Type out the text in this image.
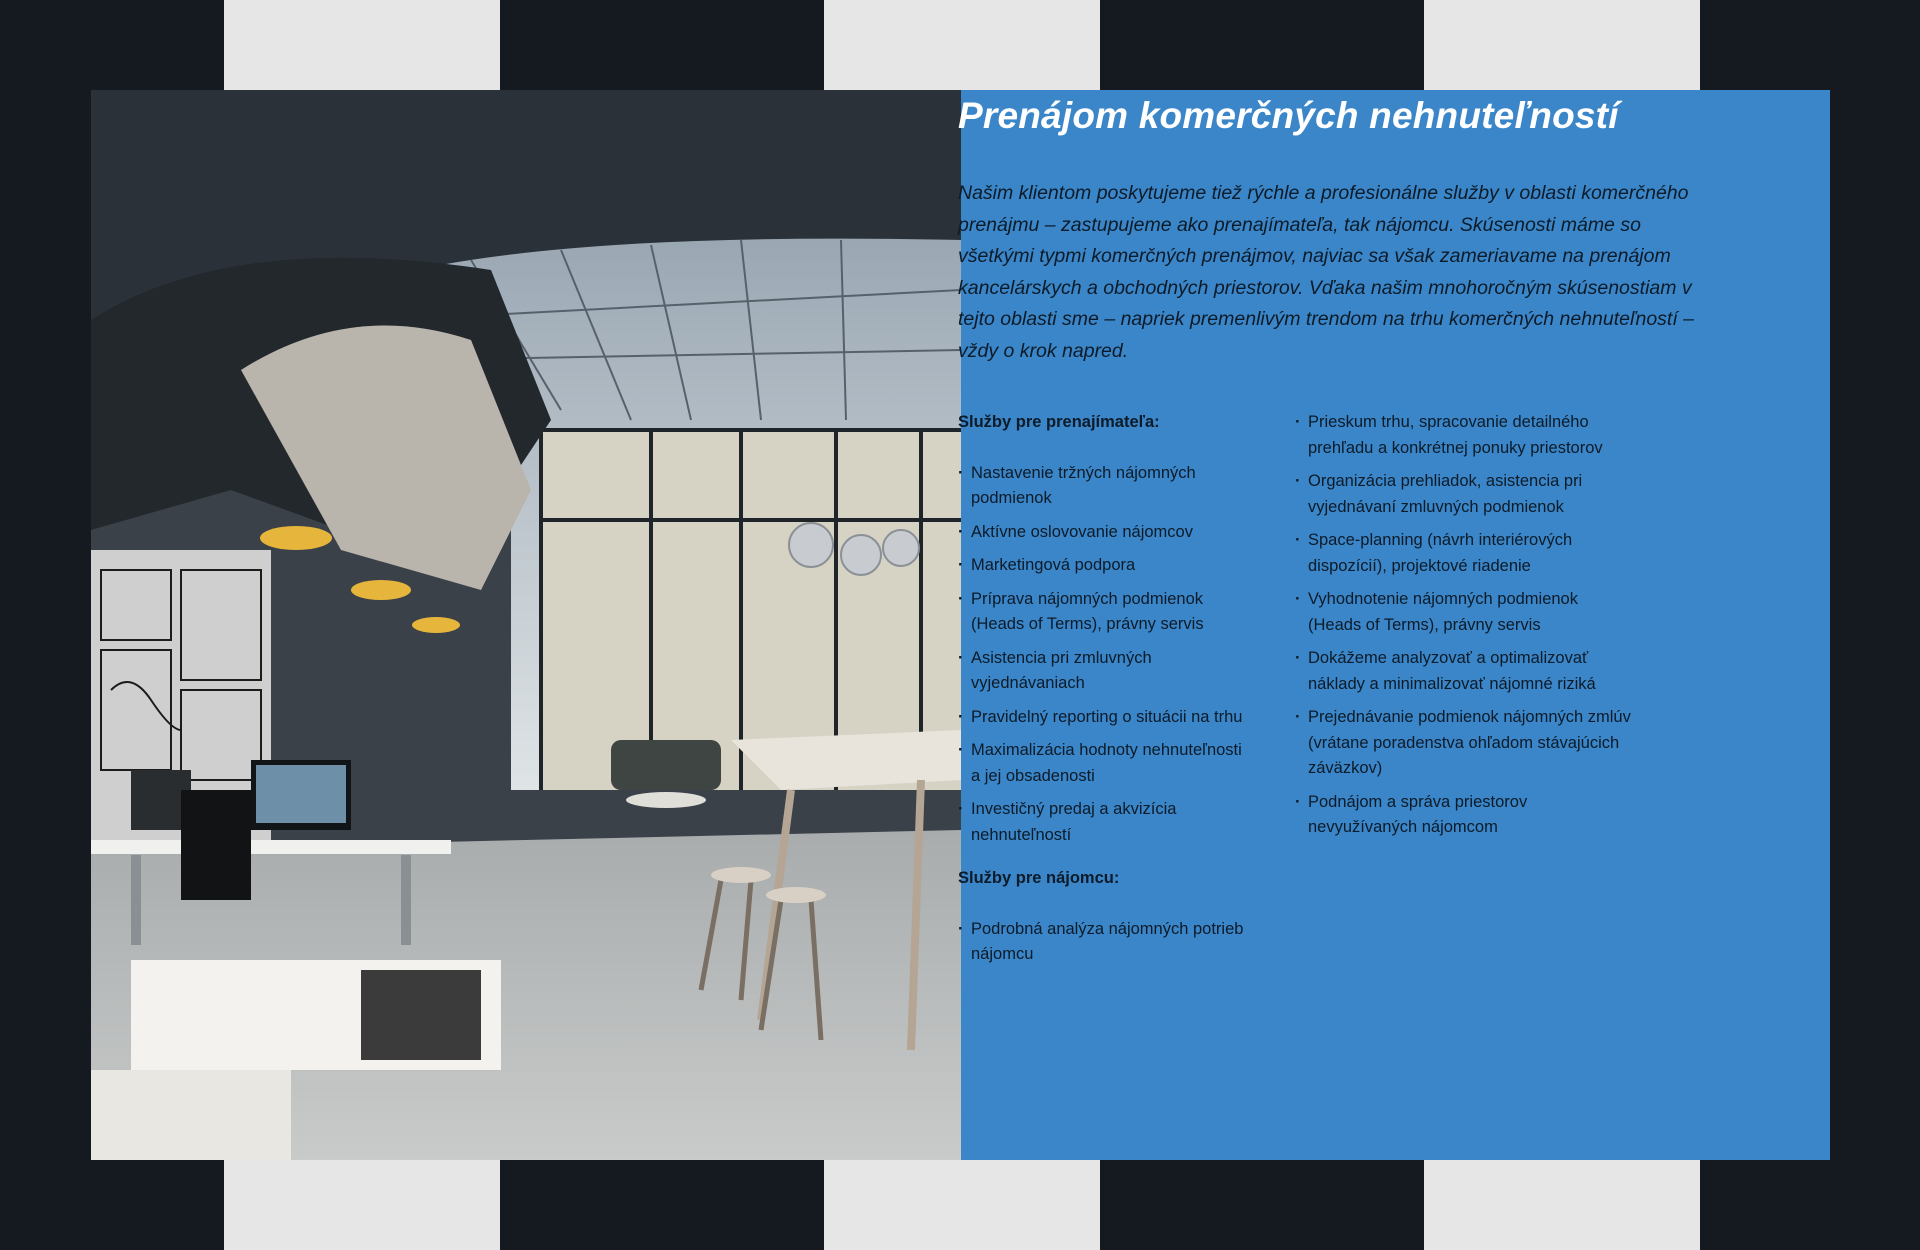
Prenájom komerčných nehnuteľností

Našim klientom poskytujeme tiež rýchle a profesionálne služby v oblasti komerčného prenájmu – zastupujeme ako prenajímateľa, tak nájomcu. Skúsenosti máme so všetkými typmi komerčných prenájmov, najviac sa však zameriavame na prenájom kancelárskych a obchodných priestorov. Vďaka našim mnohoročným skúsenostiam v tejto oblasti sme – napriek premenlivým trendom na trhu komerčných nehnuteľností – vždy o krok napred.

Služby pre prenajímateľa:
· Nastavenie tržných nájomných podmienok
· Aktívne oslovovanie nájomcov
· Marketingová podpora
· Príprava nájomných podmienok (Heads of Terms), právny servis
· Asistencia pri zmluvných vyjednávaniach
· Pravidelný reporting o situácii na trhu
· Maximalizácia hodnoty nehnuteľnosti a jej obsadenosti
· Investičný predaj a akvizícia nehnuteľností
Služby pre nájomcu:
· Podrobná analýza nájomných potrieb nájomcu
· Prieskum trhu, spracovanie detailného prehľadu a konkrétnej ponuky priestorov
· Organizácia prehliadok, asistencia pri vyjednávaní zmluvných podmienok
· Space-planning (návrh interiérových dispozícií), projektové riadenie
· Vyhodnotenie nájomných podmienok (Heads of Terms), právny servis
· Dokážeme analyzovať a optimalizovať náklady a minimalizovať nájomné riziká
· Prejednávanie podmienok nájomných zmlúv (vrátane poradenstva ohľadom stávajúcich záväzkov)
· Podnájom a správa priestorov nevyužívaných nájomcom
